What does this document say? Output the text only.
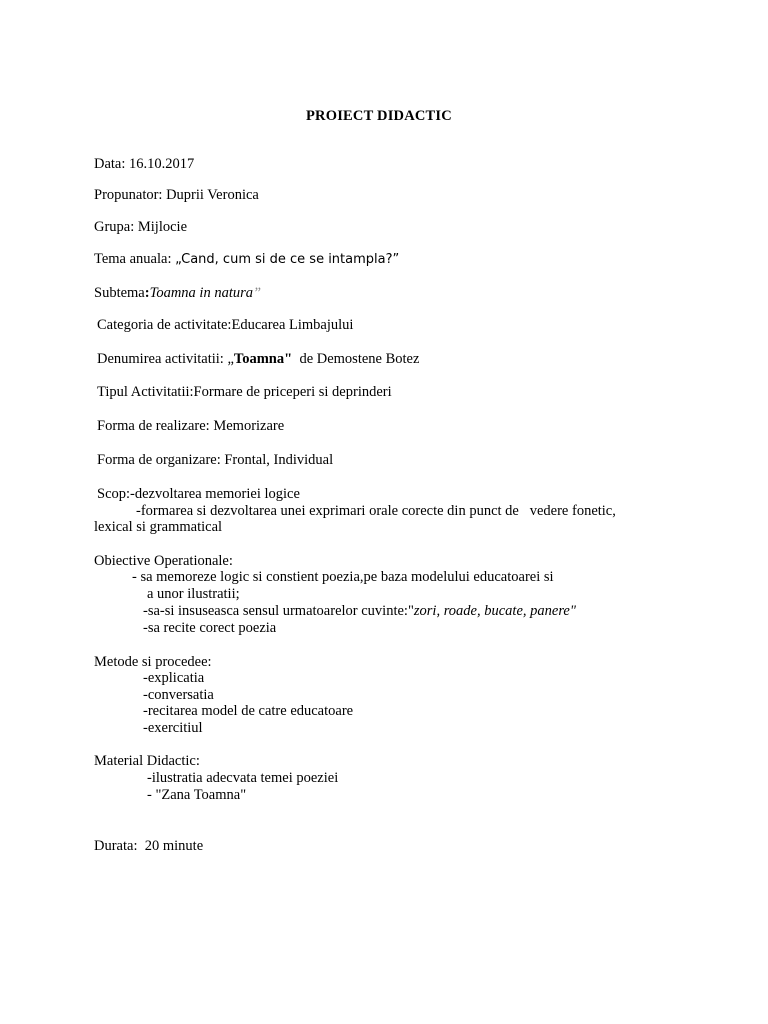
PROIECT DIDACTIC
Data: 16.10.2017
Propunator: Duprii Veronica
Grupa: Mijlocie
Tema anuala: „Cand, cum si de ce se intampla?”
Subtema:Toamna in natura”
Categoria de activitate:Educarea Limbajului
Denumirea activitatii: „Toamna"  de Demostene Botez
Tipul Activitatii:Formare de priceperi si deprinderi
Forma de realizare: Memorizare
Forma de organizare: Frontal, Individual
Scop:-dezvoltarea memoriei logice
-formarea si dezvoltarea unei exprimari orale corecte din punct de   vedere fonetic,
lexical si grammatical
Obiective Operationale:
- sa memoreze logic si constient poezia,pe baza modelului educatoarei si
a unor ilustratii;
-sa-si insuseasca sensul urmatoarelor cuvinte:"zori, roade, bucate, panere"
-sa recite corect poezia
Metode si procedee:
-explicatia
-conversatia
-recitarea model de catre educatoare
-exercitiul
Material Didactic:
-ilustratia adecvata temei poeziei
- "Zana Toamna"
Durata:  20 minute
